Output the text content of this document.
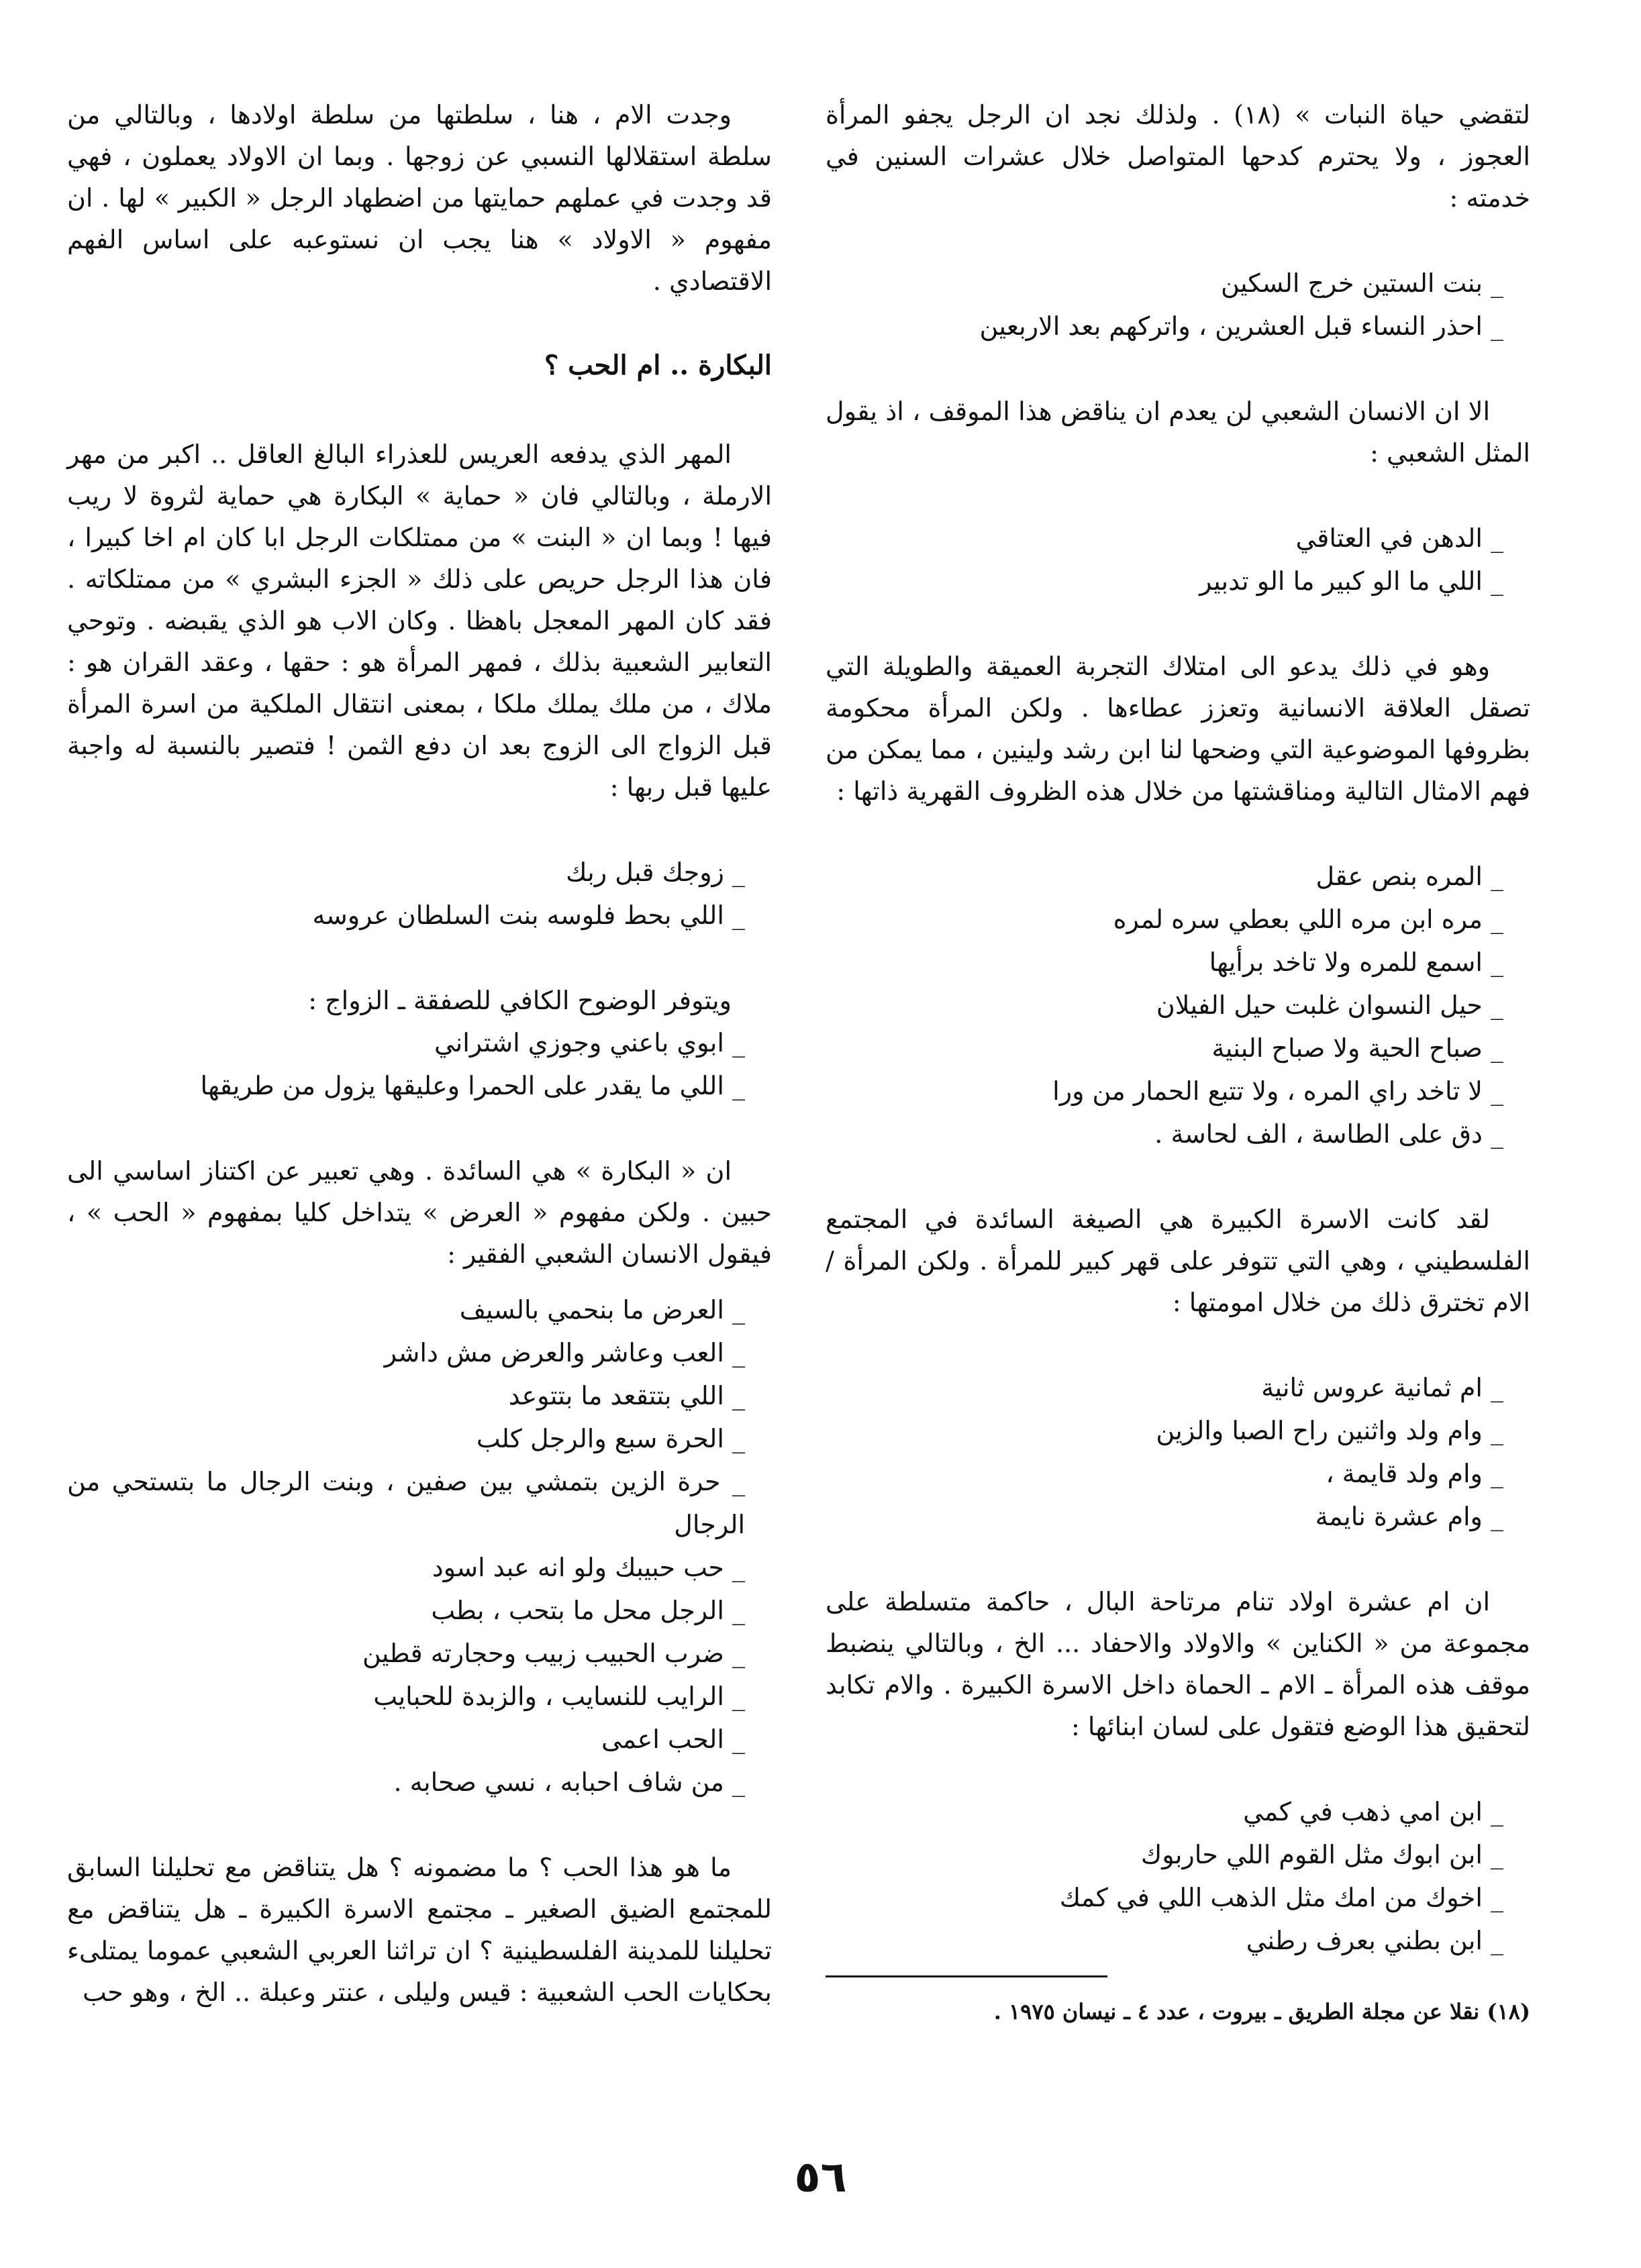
لتقضي حياة النبات » (١٨) . ولذلك نجد ان الرجل يجفو المرأة العجوز ، ولا يحترم كدحها المتواصل خلال عشرات السنين في خدمته :

_ بنت الستين خرج السكين
_ احذر النساء قبل العشرين ، واتركهم بعد الاربعين

الا ان الانسان الشعبي لن يعدم ان يناقض هذا الموقف ، اذ يقول المثل الشعبي :

_ الدهن في العتاقي
_ اللي ما الو كبير ما الو تدبير

وهو في ذلك يدعو الى امتلاك التجربة العميقة والطويلة التي تصقل العلاقة الانسانية وتعزز عطاءها . ولكن المرأة محكومة بظروفها الموضوعية التي وضحها لنا ابن رشد ولينين ، مما يمكن من فهم الامثال التالية ومناقشتها من خلال هذه الظروف القهرية ذاتها :

_ المره بنص عقل
_ مره ابن مره اللي بعطي سره لمره
_ اسمع للمره ولا تاخد برأيها
_ حيل النسوان غلبت حيل الفيلان
_ صباح الحية ولا صباح البنية
_ لا تاخد راي المره ، ولا تتبع الحمار من ورا
_ دق على الطاسة ، الف لحاسة .

لقد كانت الاسرة الكبيرة هي الصيغة السائدة في المجتمع الفلسطيني ، وهي التي تتوفر على قهر كبير للمرأة . ولكن المرأة / الام تخترق ذلك من خلال امومتها :

_ ام ثمانية عروس ثانية
_ وام ولد واثنين راح الصبا والزين
_ وام ولد قايمة ،
_ وام عشرة نايمة

ان ام عشرة اولاد تنام مرتاحة البال ، حاكمة متسلطة على مجموعة من « الكناين » والاولاد والاحفاد ... الخ ، وبالتالي ينضبط موقف هذه المرأة ـ الام ـ الحماة داخل الاسرة الكبيرة . والام تكابد لتحقيق هذا الوضع فتقول على لسان ابنائها :

_ ابن امي ذهب في كمي
_ ابن ابوك مثل القوم اللي حاربوك
_ اخوك من امك مثل الذهب اللي في كمك
_ ابن بطني بعرف رطني

(١٨) نقلا عن مجلة الطريق ـ بيروت ، عدد ٤ ـ نيسان ١٩٧٥ .

وجدت الام ، هنا ، سلطتها من سلطة اولادها ، وبالتالي من سلطة استقلالها النسبي عن زوجها . وبما ان الاولاد يعملون ، فهي قد وجدت في عملهم حمايتها من اضطهاد الرجل « الكبير » لها . ان مفهوم « الاولاد » هنا يجب ان نستوعبه على اساس الفهم الاقتصادي .

البكارة .. ام الحب ؟

المهر الذي يدفعه العريس للعذراء البالغ العاقل .. اكبر من مهر الارملة ، وبالتالي فان « حماية » البكارة هي حماية لثروة لا ريب فيها ! وبما ان « البنت » من ممتلكات الرجل ابا كان ام اخا كبيرا ، فان هذا الرجل حريص على ذلك « الجزء البشري » من ممتلكاته . فقد كان المهر المعجل باهظا . وكان الاب هو الذي يقبضه . وتوحي التعابير الشعبية بذلك ، فمهر المرأة هو : حقها ، وعقد القران هو : ملاك ، من ملك يملك ملكا ، بمعنى انتقال الملكية من اسرة المرأة قبل الزواج الى الزوج بعد ان دفع الثمن ! فتصير بالنسبة له واجبة عليها قبل ربها :

_ زوجك قبل ربك
_ اللي بحط فلوسه بنت السلطان عروسه

ويتوفر الوضوح الكافي للصفقة ـ الزواج :

_ ابوي باعني وجوزي اشتراني
_ اللي ما يقدر على الحمرا وعليقها يزول من طريقها

ان « البكارة » هي السائدة . وهي تعبير عن اكتناز اساسي الى حبين . ولكن مفهوم « العرض » يتداخل كليا بمفهوم « الحب » ، فيقول الانسان الشعبي الفقير :

_ العرض ما بنحمي بالسيف
_ العب وعاشر والعرض مش داشر
_ اللي بتتقعد ما بتتوعد
_ الحرة سبع والرجل كلب
_ حرة الزين بتمشي بين صفين ، وبنت الرجال ما بتستحي من الرجال
_ حب حبيبك ولو انه عبد اسود
_ الرجل محل ما بتحب ، بطب
_ ضرب الحبيب زبيب وحجارته قطين
_ الرايب للنسايب ، والزبدة للحبايب
_ الحب اعمى
_ من شاف احبابه ، نسي صحابه .

ما هو هذا الحب ؟ ما مضمونه ؟ هل يتناقض مع تحليلنا السابق للمجتمع الضيق الصغير ـ مجتمع الاسرة الكبيرة ـ هل يتناقض مع تحليلنا للمدينة الفلسطينية ؟ ان تراثنا العربي الشعبي عموما يمتلىء بحكايات الحب الشعبية : قيس وليلى ، عنتر وعبلة .. الخ ، وهو حب

٥٦
